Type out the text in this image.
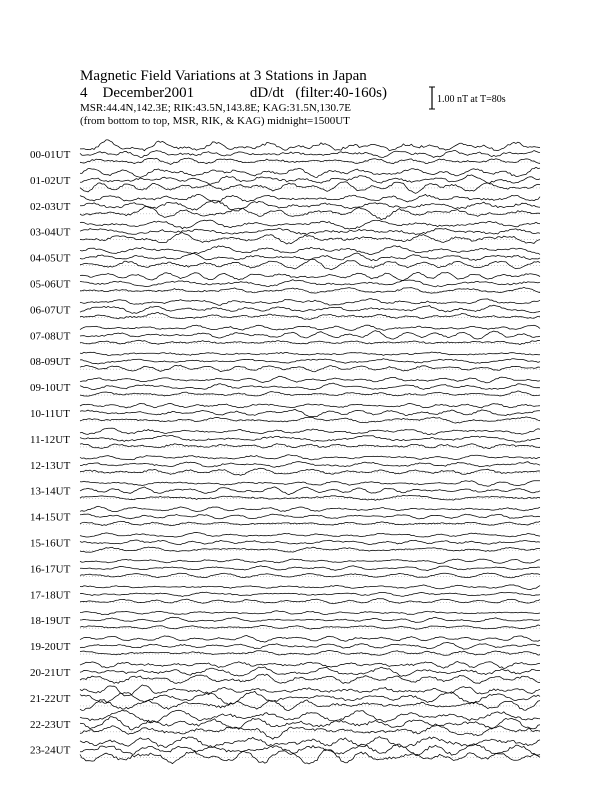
Magnetic Field Variations at 3 Stations in Japan
4 December2001	dD/dt (filter:40-160s)
MSR:44.4N,142.3E; RIK:43.5N,143.8E; KAG:31.5N,130.7E
(from bottom to top, MSR, RIK, & KAG) midnight=1500UT
1.00 nT at T=80s
00-01UT
01-02UT
02-03UT
03-04UT
04-05UT
05-06UT
06-07UT
07-08UT
08-09UT
09-10UT
10-11UT
11-12UT
12-13UT
13-14UT
14-15UT
15-16UT
16-17UT
17-18UT
18-19UT
19-20UT
20-21UT
21-22UT
22-23UT
23-24UT
